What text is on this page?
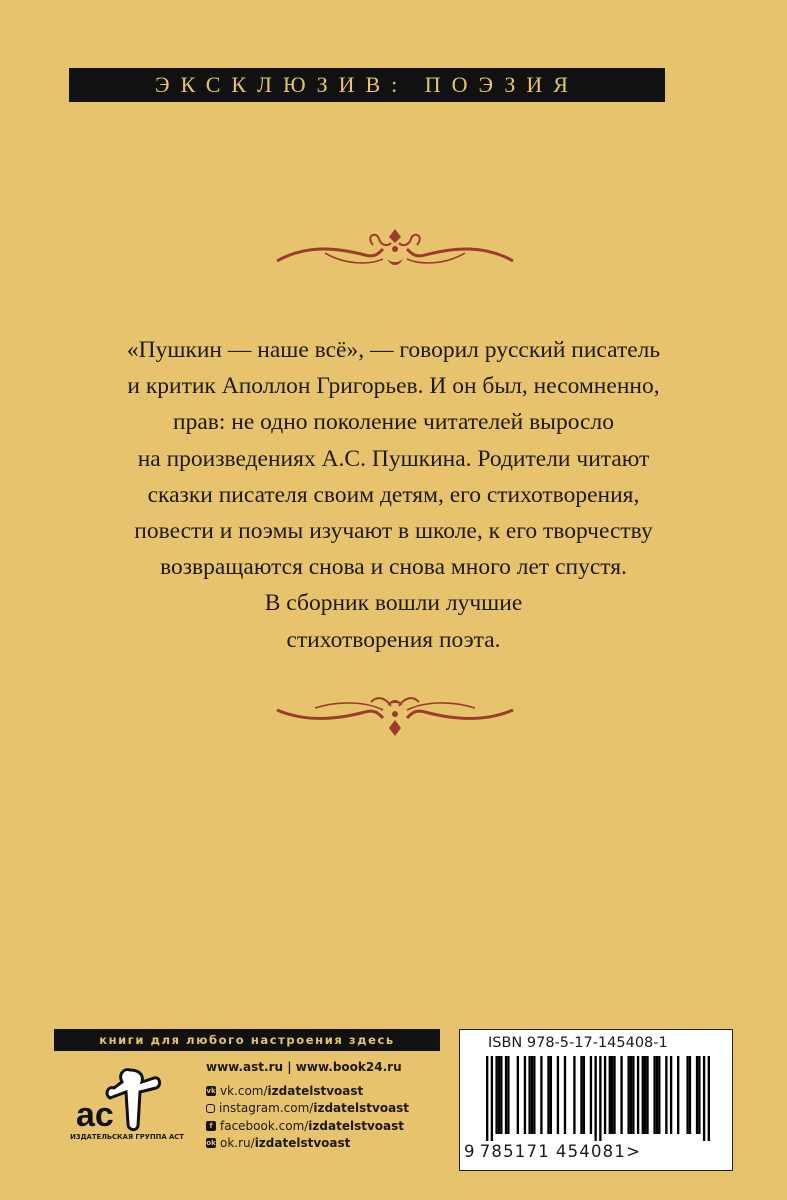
ЭКСКЛЮЗИВ: ПОЭЗИЯ
«Пушкин — наше всё», — говорил русский писатель
и критик Аполлон Григорьев. И он был, несомненно,
прав: не одно поколение читателей выросло
на произведениях А.С. Пушкина. Родители читают
сказки писателя своим детям, его стихотворения,
повести и поэмы изучают в школе, к его творчеству
возвращаются снова и снова много лет спустя.
В сборник вошли лучшие
стихотворения поэта.
книги для любого настроения здесь
ac
ИЗДАТЕЛЬСКАЯ ГРУППА АСТ
www.ast.ru | www.book24.ru
vk vk.com/ izdatelstvoast
instagram.com/ izdatelstvoast
f facebook.com/ izdatelstvoast
ok ok.ru/ izdatelstvoast
ISBN 978-5-17-145408-1
9 785171 454081>
